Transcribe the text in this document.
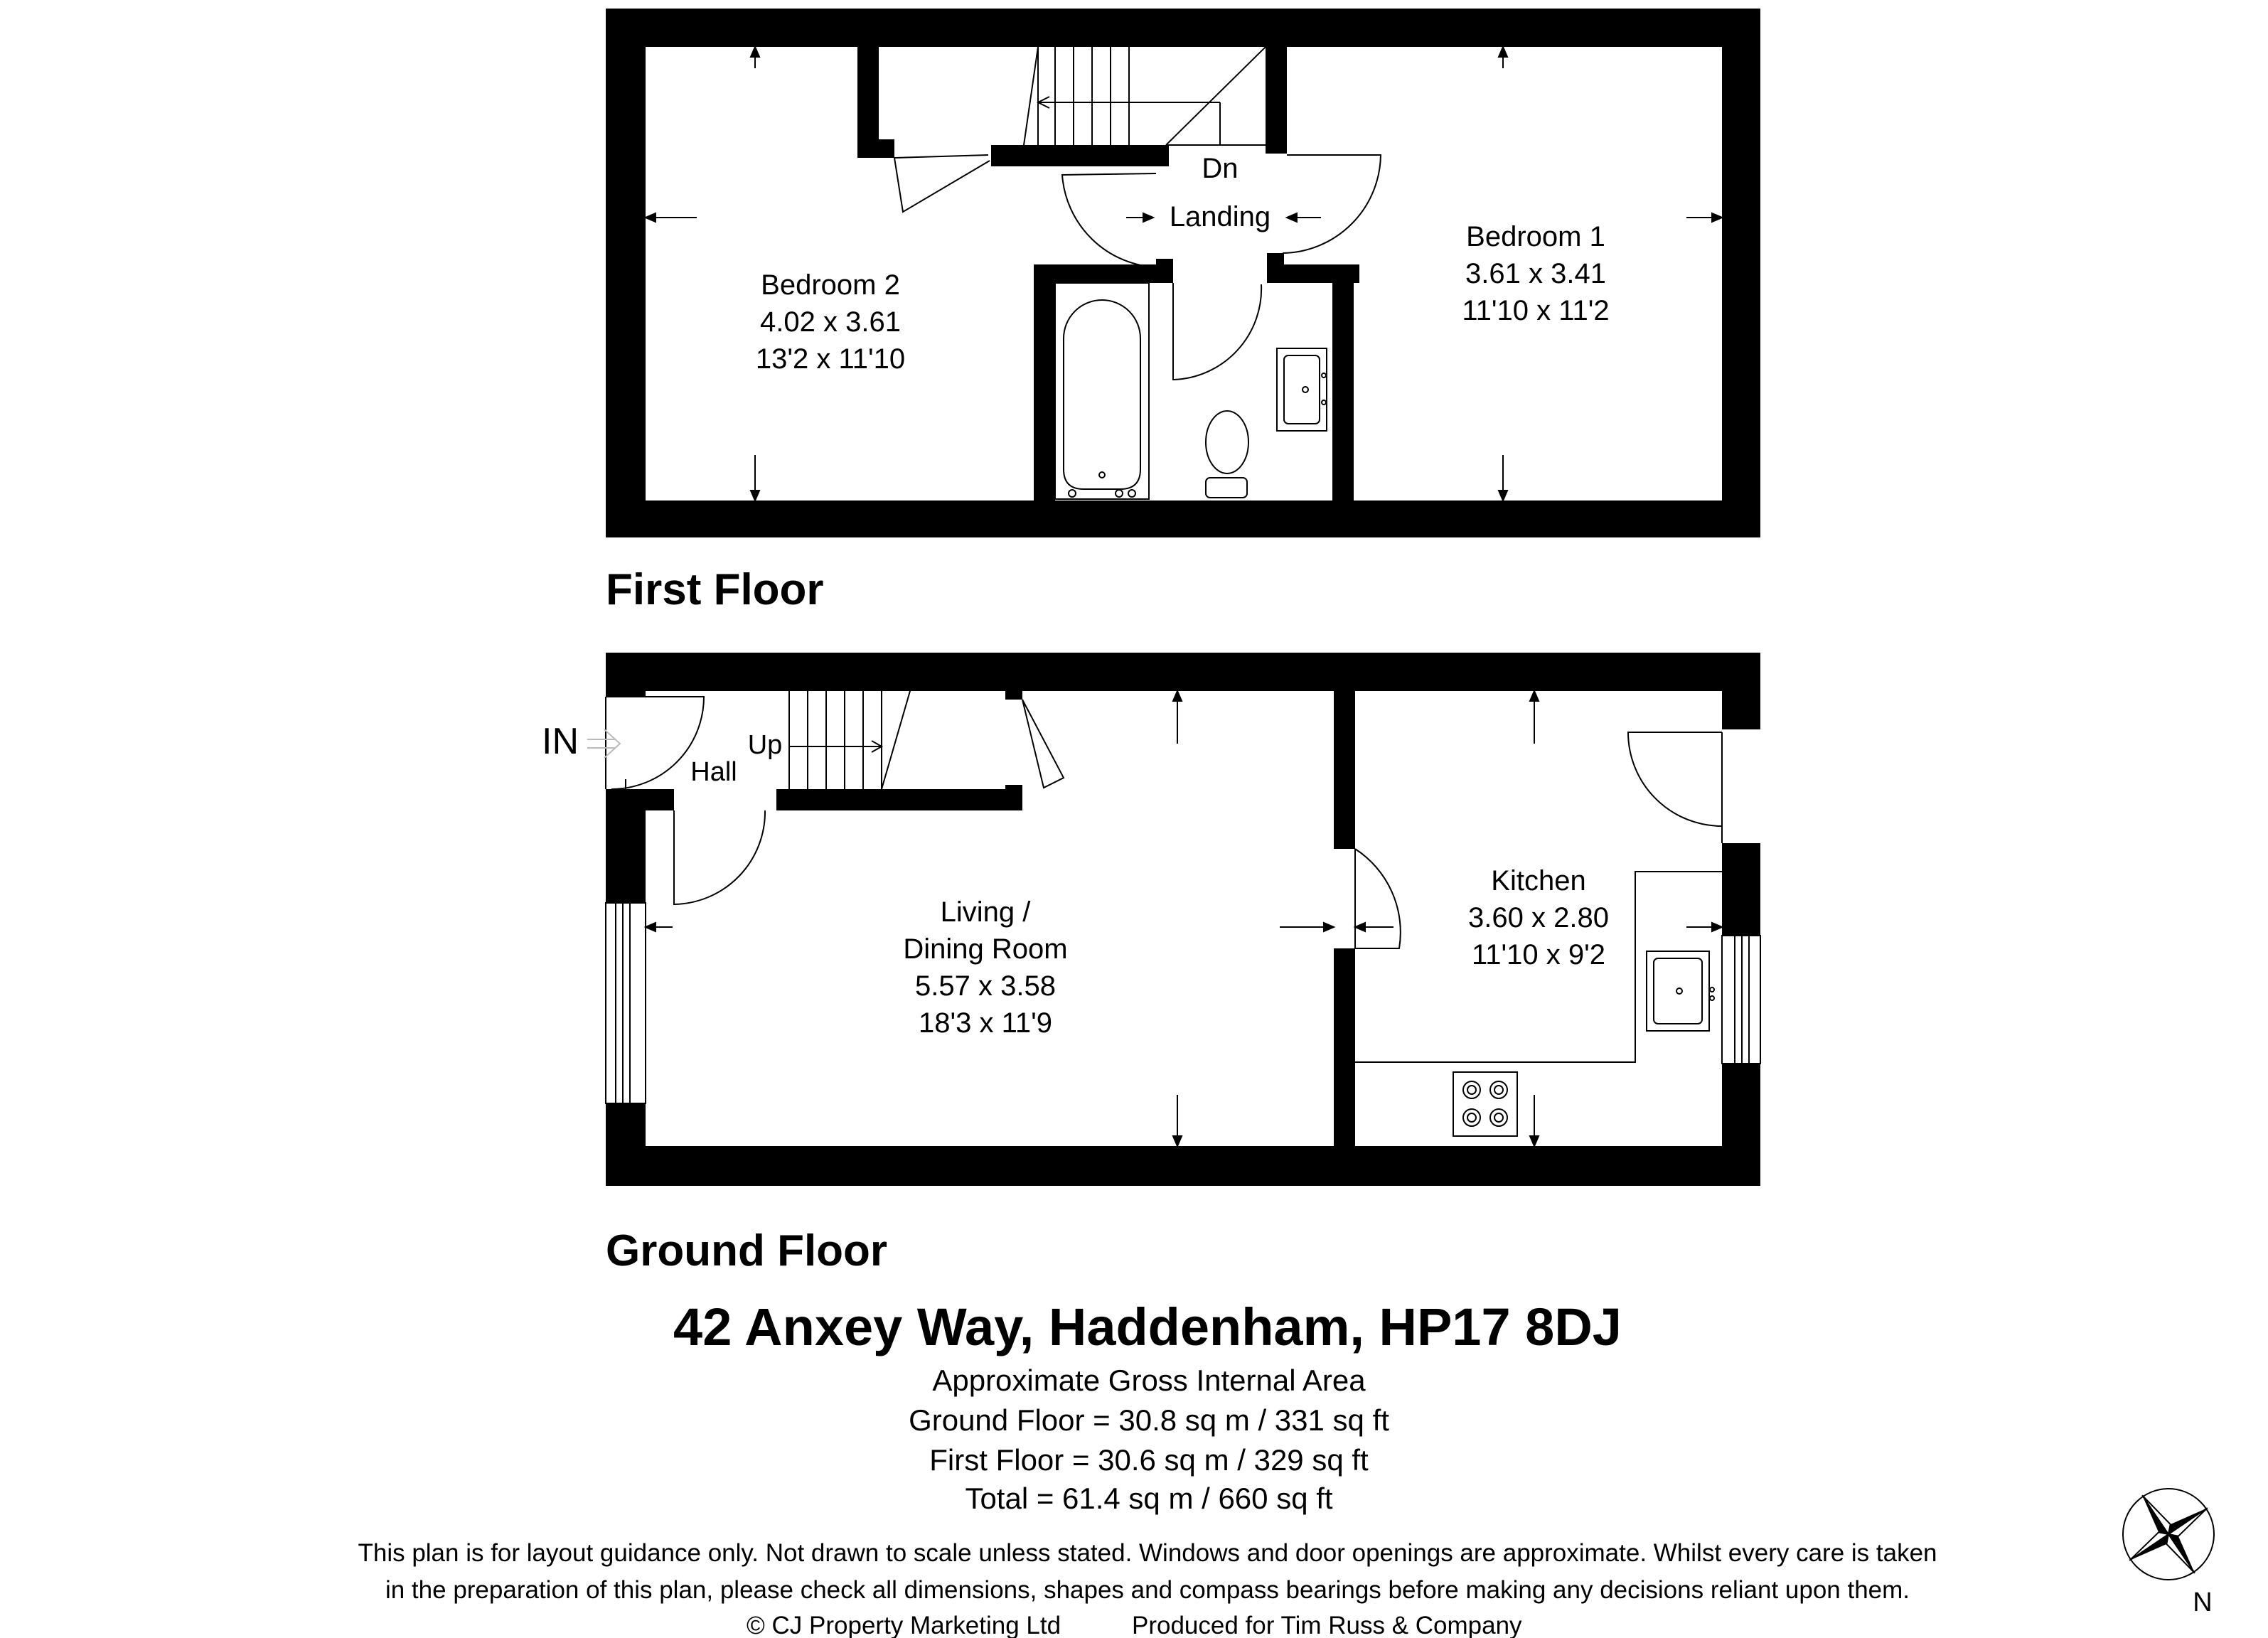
Bedroom 2
4.02 x 3.61
13'2 x 11'10
Bedroom 1
3.61 x 3.41
11'10 x 11'2
Dn
Landing
First Floor
IN
Hall
Up
Living /
Dining Room
5.57 x 3.58
18'3 x 11'9
Kitchen
3.60 x 2.80
11'10 x 9'2
Ground Floor
42 Anxey Way, Haddenham, HP17 8DJ
Approximate Gross Internal Area
Ground Floor = 30.8 sq m / 331 sq ft
First Floor = 30.6 sq m / 329 sq ft
Total = 61.4 sq m / 660 sq ft
This plan is for layout guidance only. Not drawn to scale unless stated. Windows and door openings are approximate. Whilst every care is taken
in the preparation of this plan, please check all dimensions, shapes and compass bearings before making any decisions reliant upon them.
© CJ Property Marketing Ltd	Produced for Tim Russ & Company
N
